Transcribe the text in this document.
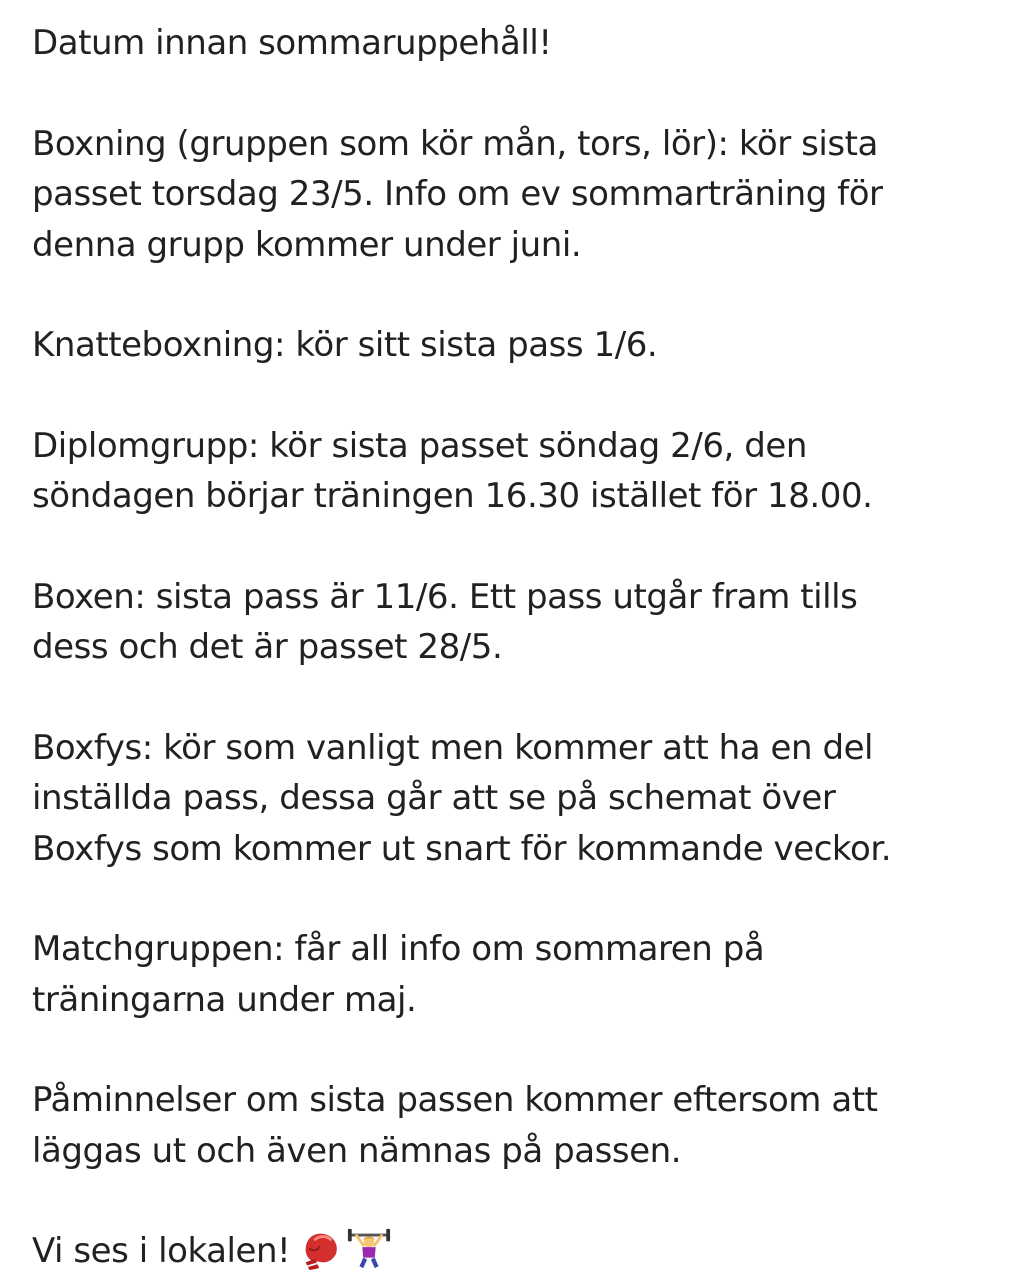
Datum innan sommaruppehåll!

Boxning (gruppen som kör mån, tors, lör): kör sista
passet torsdag 23/5. Info om ev sommarträning för
denna grupp kommer under juni.

Knatteboxning: kör sitt sista pass 1/6.

Diplomgrupp: kör sista passet söndag 2/6, den
söndagen börjar träningen 16.30 istället för 18.00.

Boxen: sista pass är 11/6. Ett pass utgår fram tills
dess och det är passet 28/5.

Boxfys: kör som vanligt men kommer att ha en del
inställda pass, dessa går att se på schemat över
Boxfys som kommer ut snart för kommande veckor.

Matchgruppen: får all info om sommaren på
träningarna under maj.

Påminnelser om sista passen kommer eftersom att
läggas ut och även nämnas på passen.

Vi ses i lokalen!
